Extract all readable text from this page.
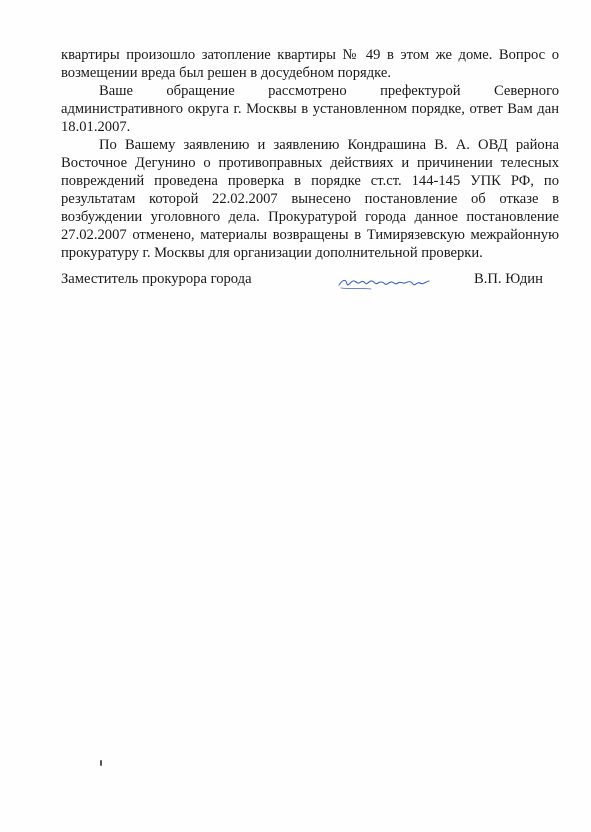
квартиры произошло затопление квартиры № 49 в этом же доме. Вопрос о возмещении вреда был решен в досудебном порядке.

Ваше обращение рассмотрено префектурой Северного административного округа г. Москвы в установленном порядке, ответ Вам дан 18.01.2007.

По Вашему заявлению и заявлению Кондрашина В. А. ОВД района Восточное Дегунино о противоправных действиях и причинении телесных повреждений проведена проверка в порядке ст.ст. 144-145 УПК РФ, по результатам которой 22.02.2007 вынесено постановление об отказе в возбуждении уголовного дела. Прокуратурой города данное постановление 27.02.2007 отменено, материалы возвращены в Тимирязевскую межрайонную прокуратуру г. Москвы для организации дополнительной проверки.

Заместитель прокурора города	В.П. Юдин
